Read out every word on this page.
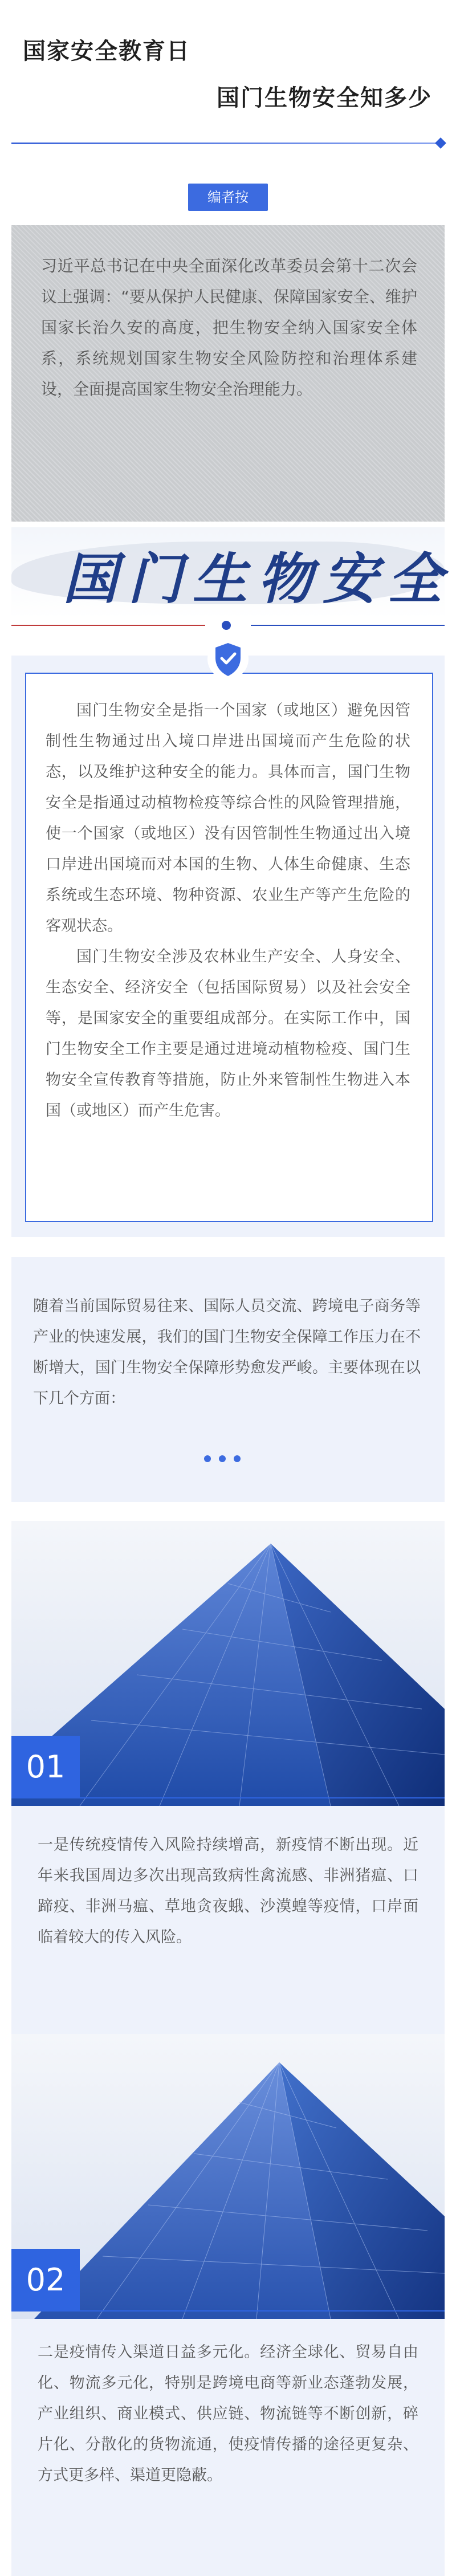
国家安全教育日
国门生物安全知多少
编者按
习近平总书记在中央全面深化改革委员会第十二次会议上强调：“要从保护人民健康、保障国家安全、维护国家长治久安的高度，把生物安全纳入国家安全体系，系统规划国家生物安全风险防控和治理体系建设，全面提高国家生物安全治理能力。
国门生物安全

国门生物安全是指一个国家（或地区）避免因管制性生物通过出入境口岸进出国境而产生危险的状态，以及维护这种安全的能力。具体而言，国门生物安全是指通过动植物检疫等综合性的风险管理措施，使一个国家（或地区）没有因管制性生物通过出入境口岸进出国境而对本国的生物、人体生命健康、生态系统或生态环境、物种资源、农业生产等产生危险的客观状态。

国门生物安全涉及农林业生产安全、人身安全、生态安全、经济安全（包括国际贸易）以及社会安全等，是国家安全的重要组成部分。在实际工作中，国门生物安全工作主要是通过进境动植物检疫、国门生物安全宣传教育等措施，防止外来管制性生物进入本国（或地区）而产生危害。

随着当前国际贸易往来、国际人员交流、跨境电子商务等产业的快速发展，我们的国门生物安全保障工作压力在不断增大，国门生物安全保障形势愈发严峻。主要体现在以下几个方面：
01
一是传统疫情传入风险持续增高，新疫情不断出现。近年来我国周边多次出现高致病性禽流感、非洲猪瘟、口蹄疫、非洲马瘟、草地贪夜蛾、沙漠蝗等疫情，口岸面临着较大的传入风险。
02
二是疫情传入渠道日益多元化。经济全球化、贸易自由化、物流多元化，特别是跨境电商等新业态蓬勃发展，产业组织、商业模式、供应链、物流链等不断创新，碎片化、分散化的货物流通，使疫情传播的途径更复杂、方式更多样、渠道更隐蔽。
